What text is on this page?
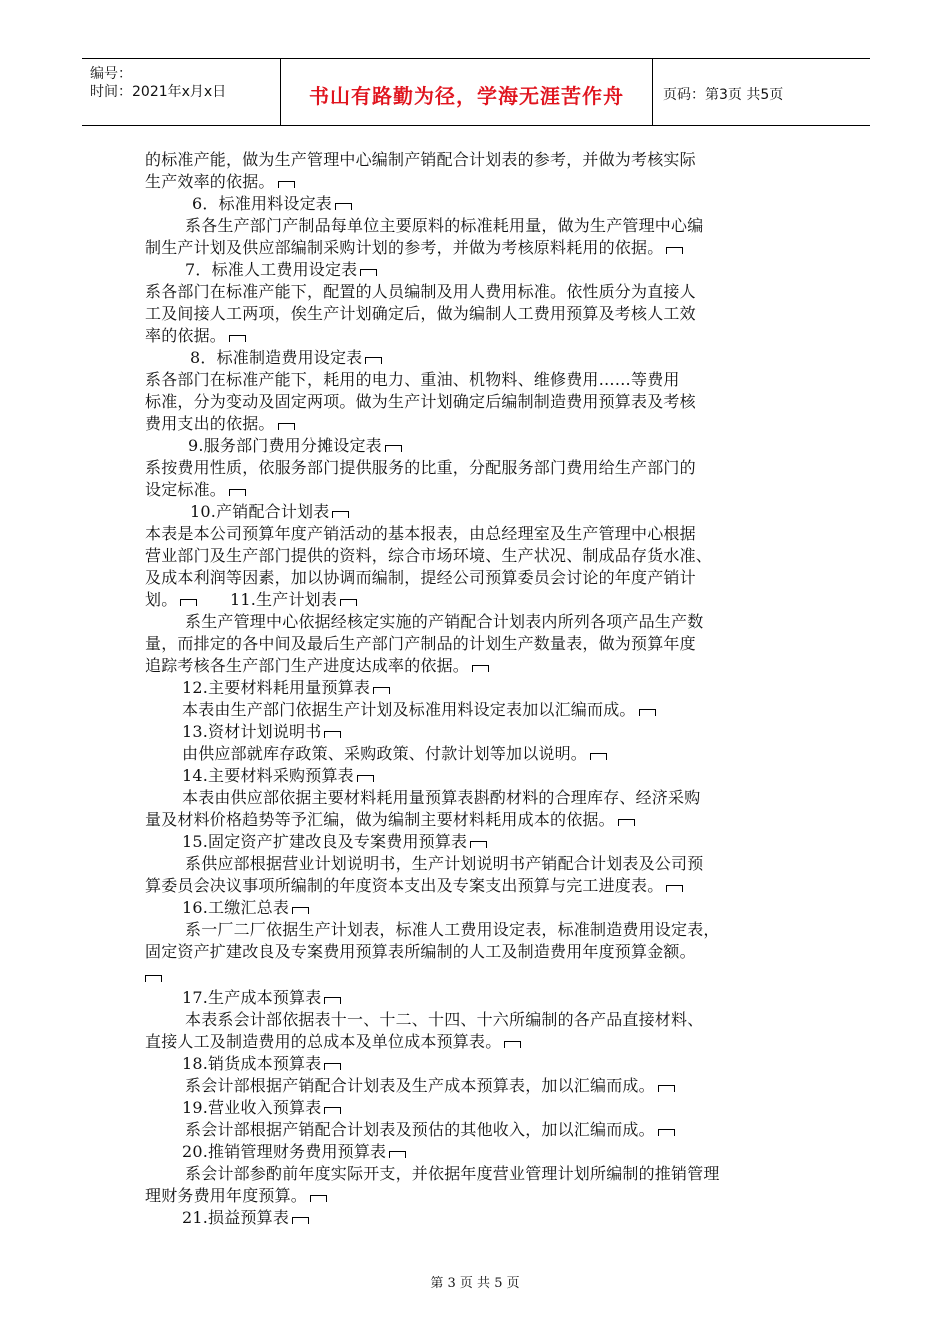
编号：
时间：2021年x月x日	书山有路勤为径，学海无涯苦作舟	页码：第3页 共5页
的标准产能，做为生产管理中心编制产销配合计划表的参考，并做为考核实际
生产效率的依据。
6．标准用料设定表
系各生产部门产制品每单位主要原料的标准耗用量，做为生产管理中心编
制生产计划及供应部编制采购计划的参考，并做为考核原料耗用的依据。
7．标准人工费用设定表
系各部门在标准产能下，配置的人员编制及用人费用标准。依性质分为直接人
工及间接人工两项，俟生产计划确定后，做为编制人工费用预算及考核人工效
率的依据。
8．标准制造费用设定表
系各部门在标准产能下，耗用的电力、重油、机物料、维修费用……等费用
标准，分为变动及固定两项。做为生产计划确定后编制制造费用预算表及考核
费用支出的依据。
9.服务部门费用分摊设定表
系按费用性质，依服务部门提供服务的比重，分配服务部门费用给生产部门的
设定标准。
10.产销配合计划表
本表是本公司预算年度产销活动的基本报表，由总经理室及生产管理中心根据
营业部门及生产部门提供的资料，综合市场环境、生产状况、制成品存货水准、
及成本利润等因素，加以协调而编制，提经公司预算委员会讨论的年度产销计
划。	11.生产计划表
系生产管理中心依据经核定实施的产销配合计划表内所列各项产品生产数
量，而排定的各中间及最后生产部门产制品的计划生产数量表，做为预算年度
追踪考核各生产部门生产进度达成率的依据。
12.主要材料耗用量预算表
本表由生产部门依据生产计划及标准用料设定表加以汇编而成。
13.资材计划说明书
由供应部就库存政策、采购政策、付款计划等加以说明。
14.主要材料采购预算表
本表由供应部依据主要材料耗用量预算表斟酌材料的合理库存、经济采购
量及材料价格趋势等予汇编，做为编制主要材料耗用成本的依据。
15.固定资产扩建改良及专案费用预算表
系供应部根据营业计划说明书，生产计划说明书产销配合计划表及公司预
算委员会决议事项所编制的年度资本支出及专案支出预算与完工进度表。
16.工缴汇总表
系一厂二厂依据生产计划表，标准人工费用设定表，标准制造费用设定表，
固定资产扩建改良及专案费用预算表所编制的人工及制造费用年度预算金额。
17.生产成本预算表
本表系会计部依据表十一、十二、十四、十六所编制的各产品直接材料、
直接人工及制造费用的总成本及单位成本预算表。
18.销货成本预算表
系会计部根据产销配合计划表及生产成本预算表，加以汇编而成。
19.营业收入预算表
系会计部根据产销配合计划表及预估的其他收入，加以汇编而成。
20.推销管理财务费用预算表
系会计部参酌前年度实际开支，并依据年度营业管理计划所编制的推销管理
理财务费用年度预算。
21.损益预算表
第 3 页 共 5 页
